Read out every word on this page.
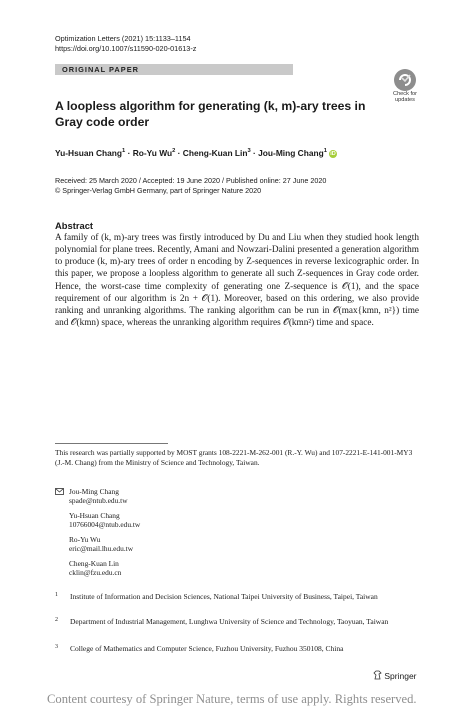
Optimization Letters (2021) 15:1133–1154
https://doi.org/10.1007/s11590-020-01613-z
ORIGINAL PAPER
Check for updates
A loopless algorithm for generating (k, m)-ary trees in Gray code order
Yu-Hsuan Chang$^1$ · Ro-Yu $Wu^2$ · Cheng-Kuan Lin$^3$ · Jou-Ming Chang$^1$ iD
Received: 25 March 2020 / Accepted: 19 June 2020 / Published online: 27 June 2020
© Springer-Verlag GmbH Germany, part of Springer Nature 2020
Abstract
A family of (k, m)-ary trees was firstly introduced by Du and Liu when they studied hook length polynomial for plane trees. Recently, Amani and Nowzari-Dalini presented a generation algorithm to produce (k, m)-ary trees of order n encoding by Z-sequences in reverse lexicographic order. In this paper, we propose a loopless algorithm to generate all such Z-sequences in Gray code order. Hence, the worst-case time complexity of generating one Z-sequence is 𝒪(1), and the space requirement of our algorithm is 2n + 𝒪(1). Moreover, based on this ordering, we also provide ranking and unranking algorithms. The ranking algorithm can be run in 𝒪(max{kmn, n²}) time and 𝒪(kmn) space, whereas the unranking algorithm requires 𝒪(kmn²) time and space.
This research was partially supported by MOST grants 108-2221-M-262-001 (R.-Y. Wu) and 107-2221-E-141-001-MY3 (J.-M. Chang) from the Ministry of Science and Technology, Taiwan.
Jou-Ming Chang
spade@ntub.edu.tw
Yu-Hsuan Chang
10766004@ntub.edu.tw
Ro-Yu Wu
eric@mail.lhu.edu.tw
Cheng-Kuan Lin
cklin@fzu.edu.cn
1 Institute of Information and Decision Sciences, National Taipei University of Business, Taipei, Taiwan
2 Department of Industrial Management, Lunghwa University of Science and Technology, Taoyuan, Taiwan
3 College of Mathematics and Computer Science, Fuzhou University, Fuzhou 350108, China
Springer
Content courtesy of Springer Nature, terms of use apply. Rights reserved.
